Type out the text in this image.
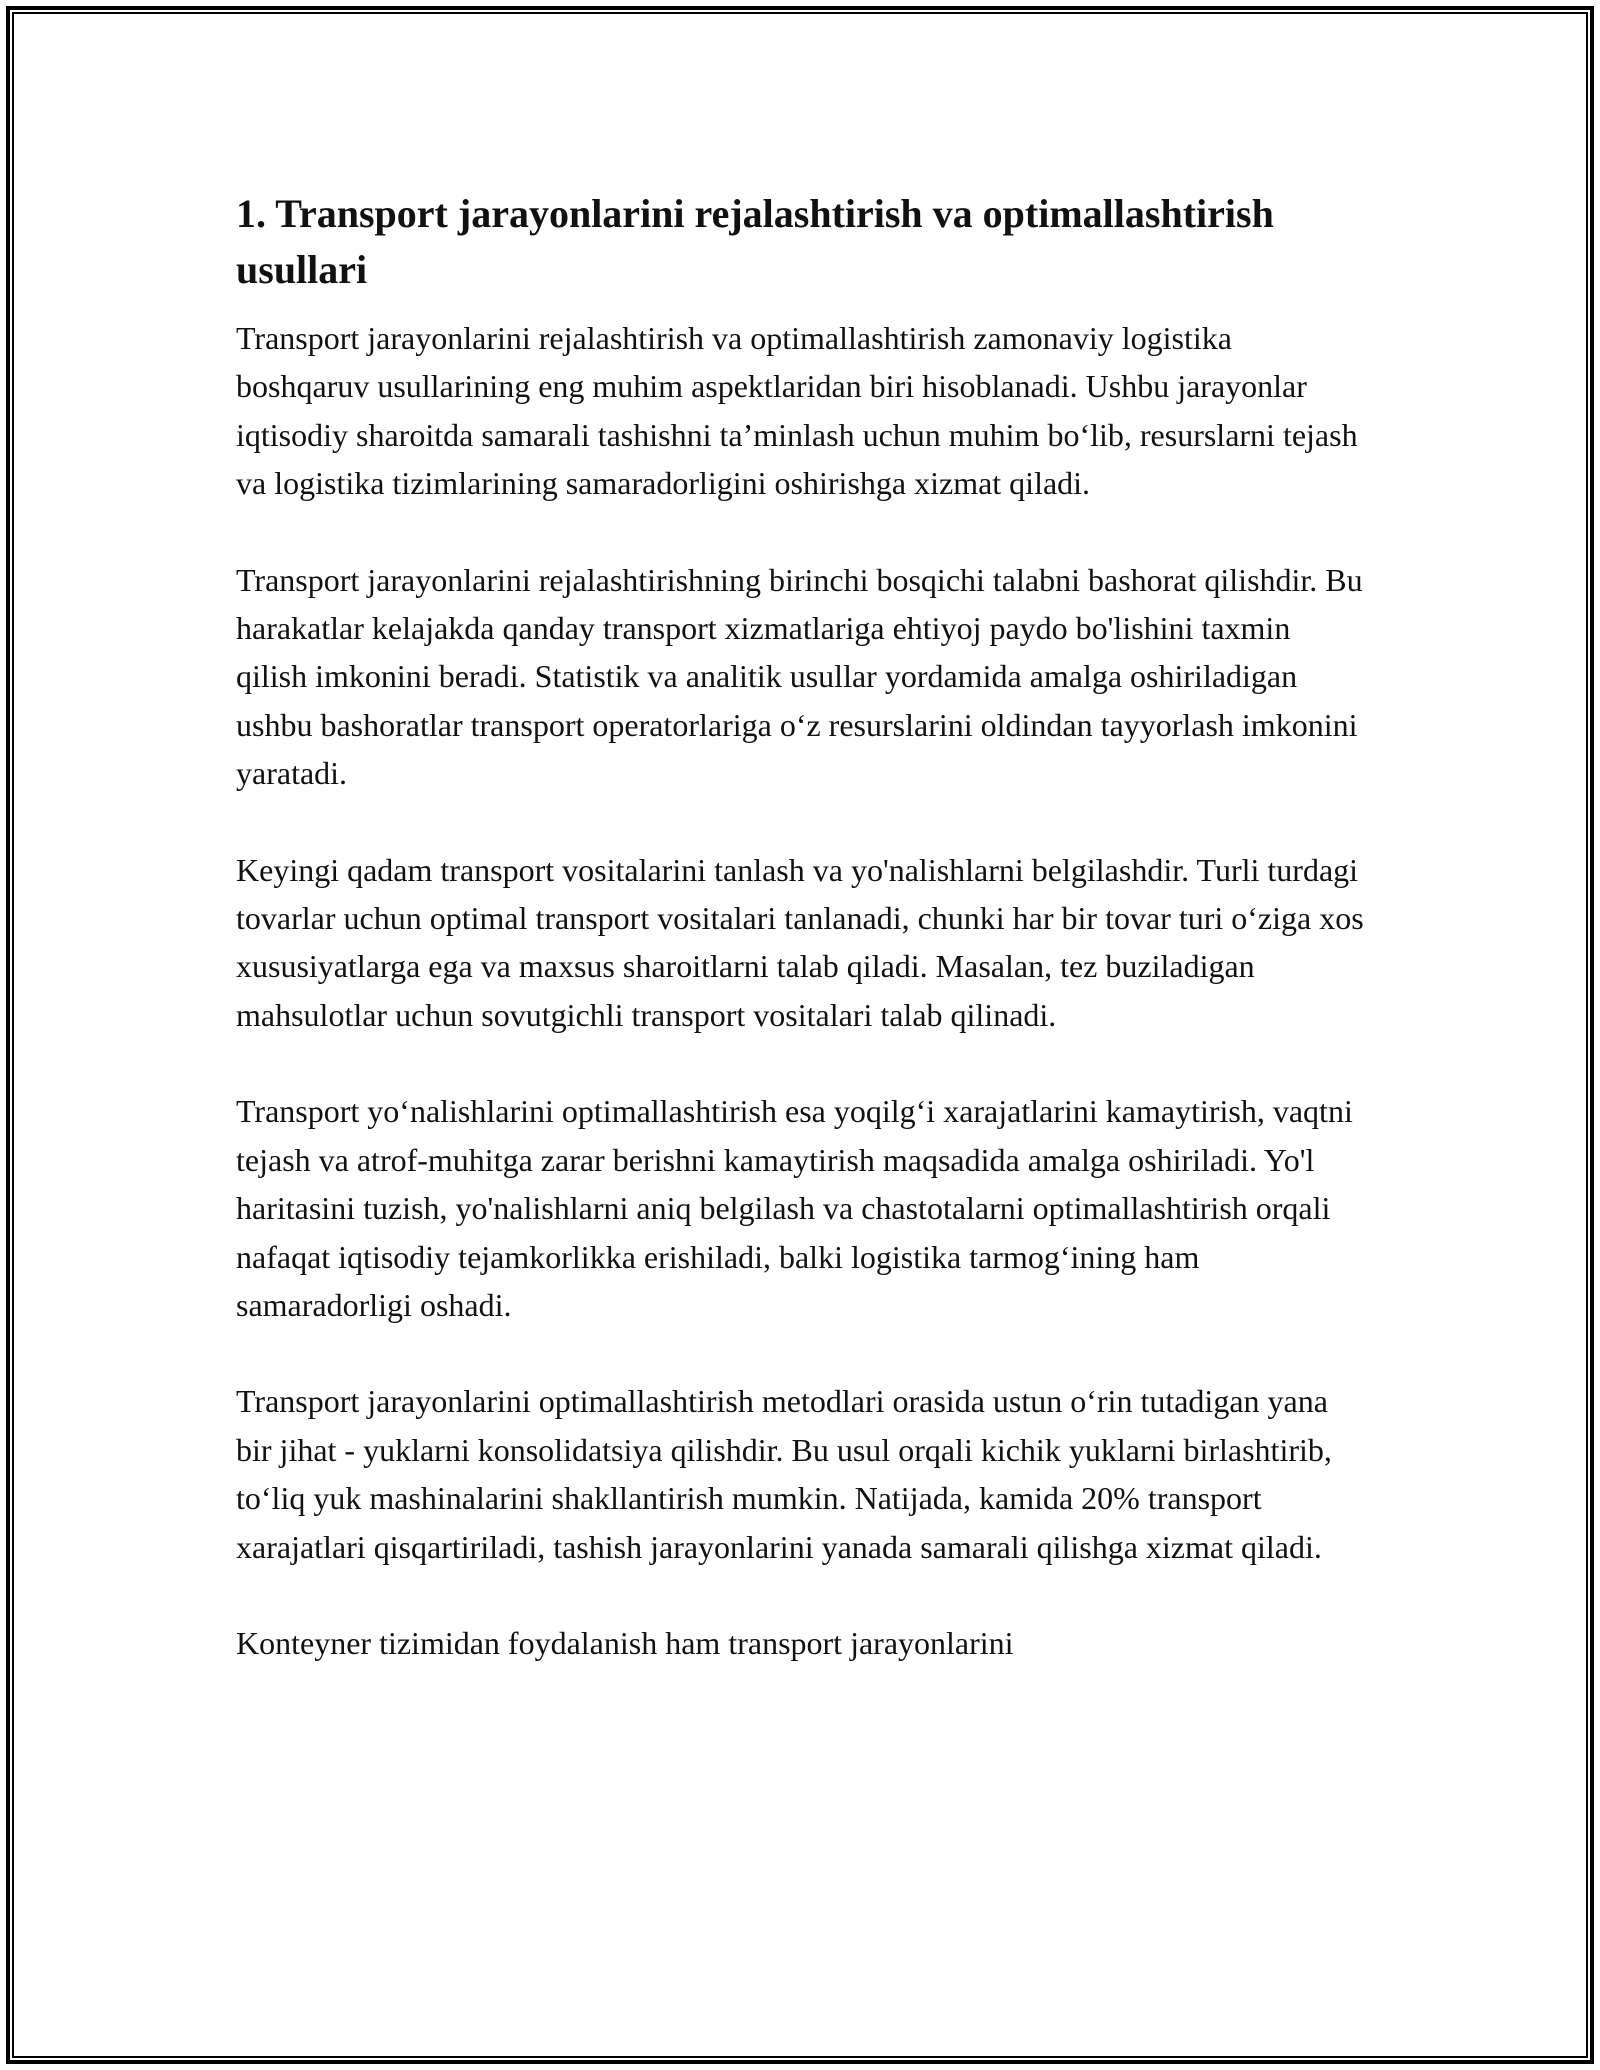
1. Transport jarayonlarini rejalashtirish va optimallashtirish usullari

Transport jarayonlarini rejalashtirish va optimallashtirish zamonaviy logistika boshqaruv usullarining eng muhim aspektlaridan biri hisoblanadi. Ushbu jarayonlar iqtisodiy sharoitda samarali tashishni ta’minlash uchun muhim bo‘lib, resurslarni tejash va logistika tizimlarining samaradorligini oshirishga xizmat qiladi.

Transport jarayonlarini rejalashtirishning birinchi bosqichi talabni bashorat qilishdir. Bu harakatlar kelajakda qanday transport xizmatlariga ehtiyoj paydo bo'lishini taxmin qilish imkonini beradi. Statistik va analitik usullar yordamida amalga oshiriladigan ushbu bashoratlar transport operatorlariga o‘z resurslarini oldindan tayyorlash imkonini yaratadi.

Keyingi qadam transport vositalarini tanlash va yo'nalishlarni belgilashdir. Turli turdagi tovarlar uchun optimal transport vositalari tanlanadi, chunki har bir tovar turi o‘ziga xos xususiyatlarga ega va maxsus sharoitlarni talab qiladi. Masalan, tez buziladigan mahsulotlar uchun sovutgichli transport vositalari talab qilinadi.

Transport yo‘nalishlarini optimallashtirish esa yoqilg‘i xarajatlarini kamaytirish, vaqtni tejash va atrof-muhitga zarar berishni kamaytirish maqsadida amalga oshiriladi. Yo'l haritasini tuzish, yo'nalishlarni aniq belgilash va chastotalarni optimallashtirish orqali nafaqat iqtisodiy tejamkorlikka erishiladi, balki logistika tarmog‘ining ham samaradorligi oshadi.

Transport jarayonlarini optimallashtirish metodlari orasida ustun o‘rin tutadigan yana bir jihat - yuklarni konsolidatsiya qilishdir. Bu usul orqali kichik yuklarni birlashtirib, to‘liq yuk mashinalarini shakllantirish mumkin. Natijada, kamida 20% transport xarajatlari qisqartiriladi, tashish jarayonlarini yanada samarali qilishga xizmat qiladi.

Konteyner tizimidan foydalanish ham transport jarayonlarini
